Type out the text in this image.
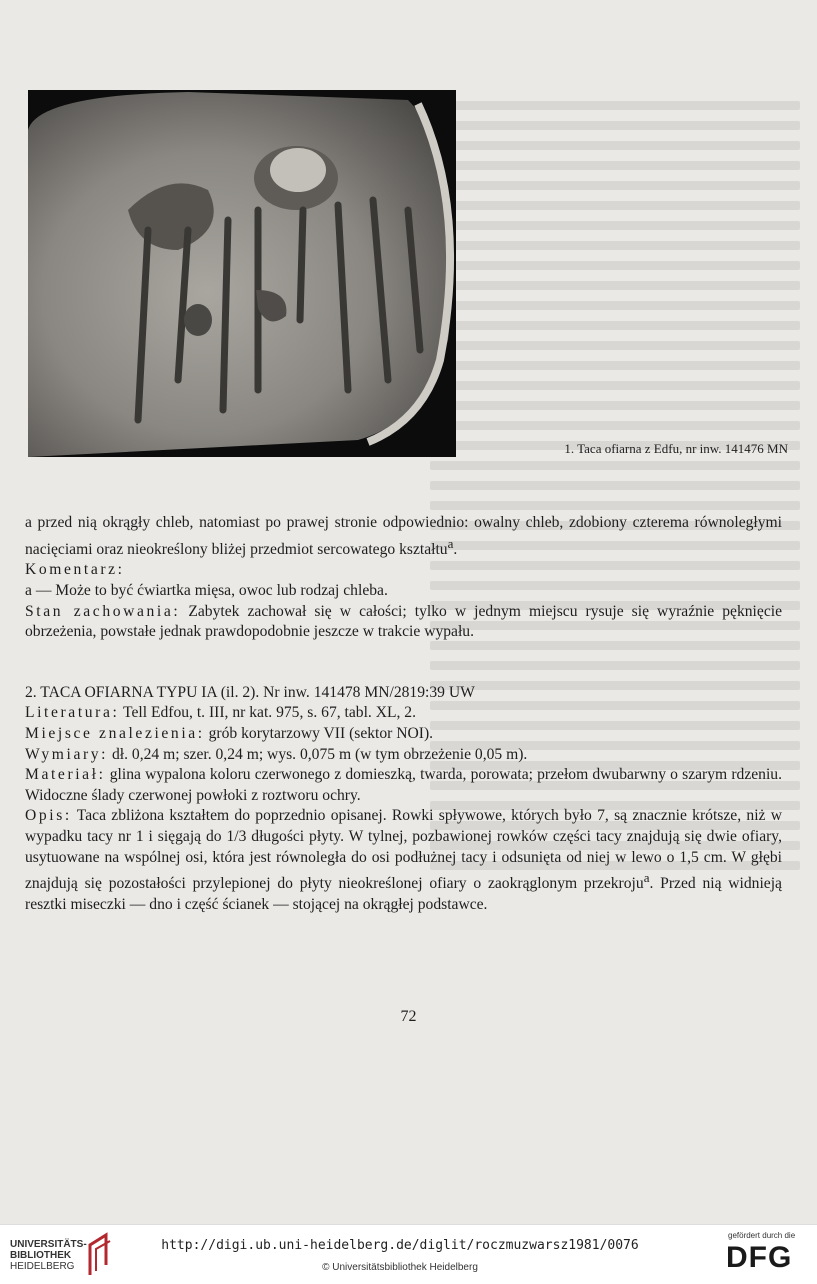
1. Taca ofiarna z Edfu, nr inw. 141476 MN

a przed nią okrągły chleb, natomiast po prawej stronie odpowiednio: owalny chleb, zdobiony czterema równoległymi nacięciami oraz nieokreślony bliżej przedmiot sercowatego kształtu$^a$.

Komentarz:

a — Może to być ćwiartka mięsa, owoc lub rodzaj chleba.

Stan zachowania: Zabytek zachował się w całości; tylko w jednym miejscu rysuje się wyraźnie pęknięcie obrzeżenia, powstałe jednak prawdopodobnie jeszcze w trakcie wypału.

2. TACA OFIARNA TYPU IA (il. 2). Nr inw. 141478 MN/2819:39 UW

Literatura: Tell Edfou, t. III, nr kat. 975, s. 67, tabl. XL, 2.

Miejsce znalezienia: grób korytarzowy VII (sektor NOI).

Wymiary: dł. 0,24 m; szer. 0,24 m; wys. 0,075 m (w tym obrzeżenie 0,05 m).

Materiał: glina wypalona koloru czerwonego z domieszką, twarda, porowata; przełom dwubarwny o szarym rdzeniu. Widoczne ślady czerwonej powłoki z roztworu ochry.

Opis: Taca zbliżona kształtem do poprzednio opisanej. Rowki spływowe, których było 7, są znacznie krótsze, niż w wypadku tacy nr 1 i sięgają do 1/3 długości płyty. W tylnej, pozbawionej rowków części tacy znajdują się dwie ofiary, usytuowane na wspólnej osi, która jest równoległa do osi podłużnej tacy i odsunięta od niej w lewo o 1,5 cm. W głębi znajdują się pozostałości przylepionej do płyty nieokreślonej ofiary o zaokrąglonym przekroju$^a$. Przed nią widnieją resztki miseczki — dno i część ścianek — stojącej na okrągłej podstawce.

72
UNIVERSITÄTS-
BIBLIOTHEK
HEIDELBERG
http://digi.ub.uni-heidelberg.de/diglit/roczmuzwarsz1981/0076
© Universitätsbibliothek Heidelberg
gefördert durch die
DFG
